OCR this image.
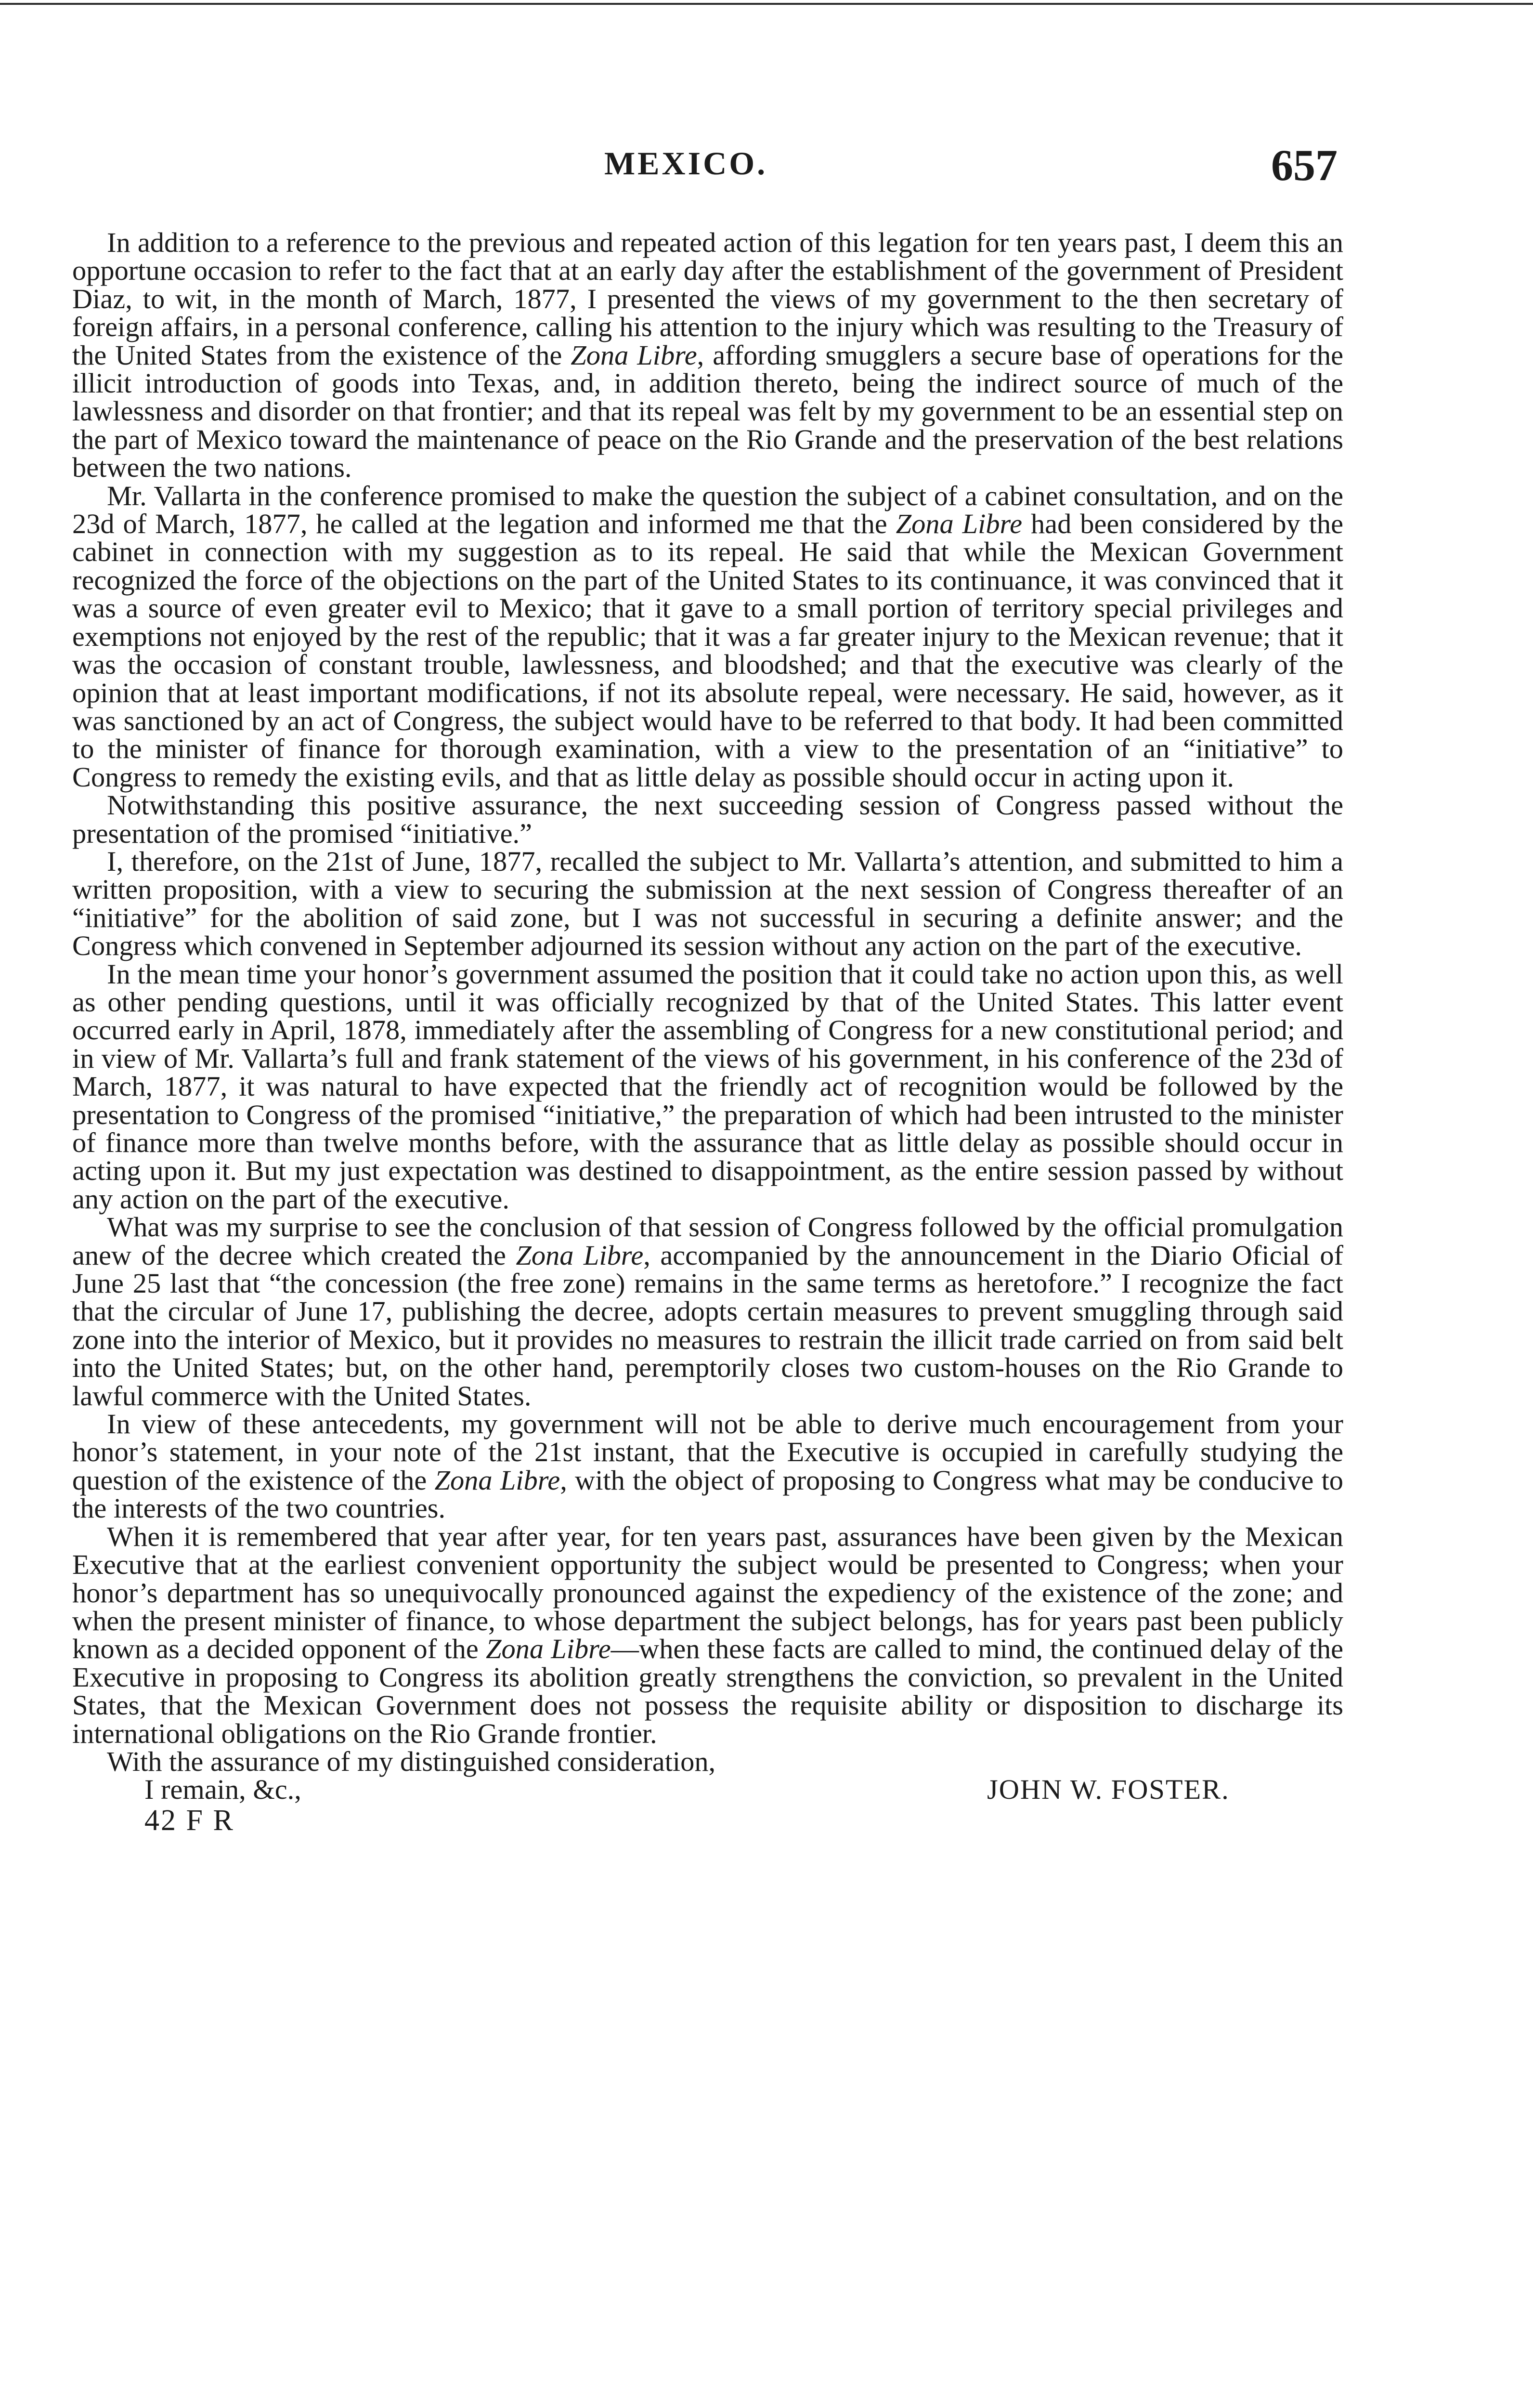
MEXICO.	657

In addition to a reference to the previous and repeated action of this legation for ten years past, I deem this an opportune occasion to refer to the fact that at an early day after the establishment of the government of President Diaz, to wit, in the month of March, 1877, I presented the views of my government to the then secretary of foreign affairs, in a personal conference, calling his attention to the injury which was resulting to the Treasury of the United States from the existence of the Zona Libre, affording smugglers a secure base of operations for the illicit introduction of goods into Texas, and, in addition thereto, being the indirect source of much of the lawlessness and disorder on that frontier; and that its repeal was felt by my government to be an essential step on the part of Mexico toward the maintenance of peace on the Rio Grande and the preservation of the best relations between the two nations.

Mr. Vallarta in the conference promised to make the question the subject of a cabinet consultation, and on the 23d of March, 1877, he called at the legation and informed me that the Zona Libre had been considered by the cabinet in connection with my suggestion as to its repeal. He said that while the Mexican Government recognized the force of the objections on the part of the United States to its continuance, it was convinced that it was a source of even greater evil to Mexico; that it gave to a small portion of territory special privileges and exemptions not enjoyed by the rest of the republic; that it was a far greater injury to the Mexican revenue; that it was the occasion of constant trouble, lawlessness, and bloodshed; and that the executive was clearly of the opinion that at least important modifications, if not its absolute repeal, were necessary. He said, however, as it was sanctioned by an act of Congress, the subject would have to be referred to that body. It had been committed to the minister of finance for thorough examination, with a view to the presentation of an “initiative” to Congress to remedy the existing evils, and that as little delay as possible should occur in acting upon it.

Notwithstanding this positive assurance, the next succeeding session of Congress passed without the presentation of the promised “initiative.”

I, therefore, on the 21st of June, 1877, recalled the subject to Mr. Vallarta’s attention, and submitted to him a written proposition, with a view to securing the submission at the next session of Congress thereafter of an “initiative” for the abolition of said zone, but I was not successful in securing a definite answer; and the Congress which convened in September adjourned its session without any action on the part of the executive.

In the mean time your honor’s government assumed the position that it could take no action upon this, as well as other pending questions, until it was officially recognized by that of the United States. This latter event occurred early in April, 1878, immediately after the assembling of Congress for a new constitutional period; and in view of Mr. Vallarta’s full and frank statement of the views of his government, in his conference of the 23d of March, 1877, it was natural to have expected that the friendly act of recognition would be followed by the presentation to Congress of the promised “initiative,” the preparation of which had been intrusted to the minister of finance more than twelve months before, with the assurance that as little delay as possible should occur in acting upon it. But my just expectation was destined to disappointment, as the entire session passed by without any action on the part of the executive.

What was my surprise to see the conclusion of that session of Congress followed by the official promulgation anew of the decree which created the Zona Libre, accompanied by the announcement in the Diario Oficial of June 25 last that “the concession (the free zone) remains in the same terms as heretofore.” I recognize the fact that the circular of June 17, publishing the decree, adopts certain measures to prevent smuggling through said zone into the interior of Mexico, but it provides no measures to restrain the illicit trade carried on from said belt into the United States; but, on the other hand, peremptorily closes two custom-houses on the Rio Grande to lawful commerce with the United States.

In view of these antecedents, my government will not be able to derive much encouragement from your honor’s statement, in your note of the 21st instant, that the Executive is occupied in carefully studying the question of the existence of the Zona Libre, with the object of proposing to Congress what may be conducive to the interests of the two countries.

When it is remembered that year after year, for ten years past, assurances have been given by the Mexican Executive that at the earliest convenient opportunity the subject would be presented to Congress; when your honor’s department has so unequivocally pronounced against the expediency of the existence of the zone; and when the present minister of finance, to whose department the subject belongs, has for years past been publicly known as a decided opponent of the Zona Libre—when these facts are called to mind, the continued delay of the Executive in proposing to Congress its abolition greatly strengthens the conviction, so prevalent in the United States, that the Mexican Government does not possess the requisite ability or disposition to discharge its international obligations on the Rio Grande frontier.

With the assurance of my distinguished consideration,

I remain, &c.,	JOHN W. FOSTER.
42 F R
